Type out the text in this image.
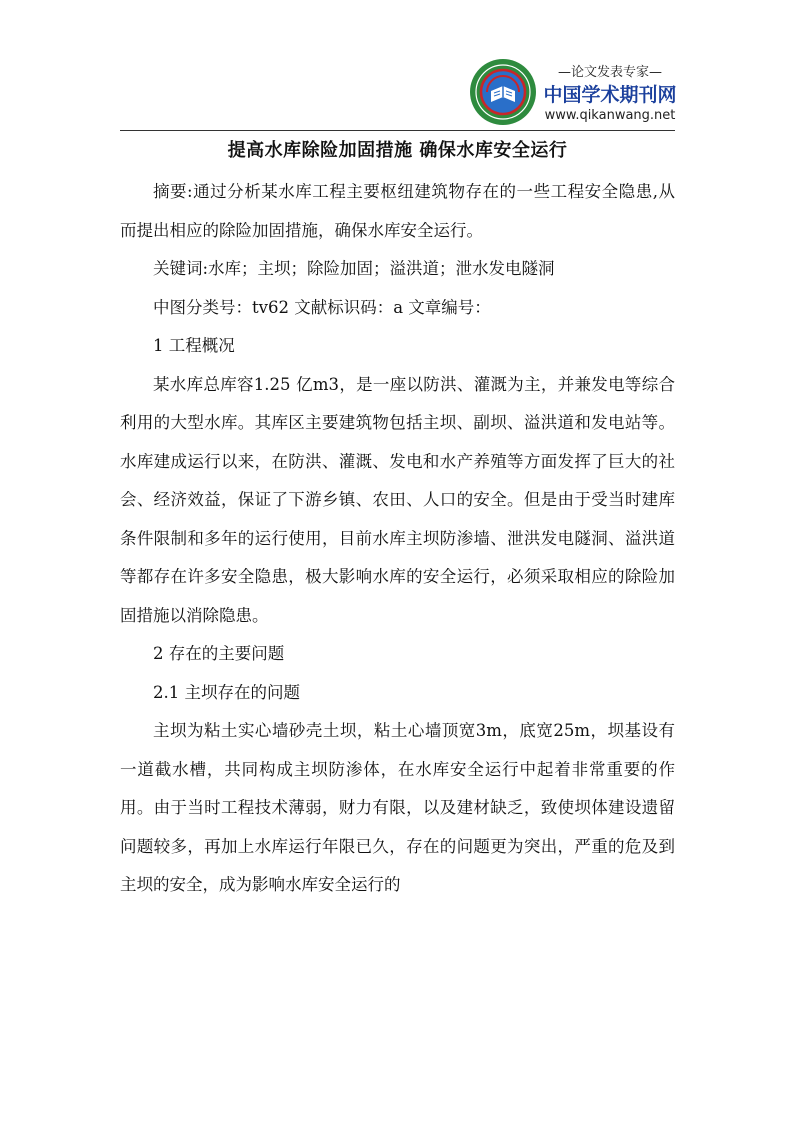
—论文发表专家—
中国学术期刊网
www.qikanwang.net
提高水库除险加固措施 确保水库安全运行

摘要:通过分析某水库工程主要枢纽建筑物存在的一些工程安全隐患,从而提出相应的除险加固措施，确保水库安全运行。

关键词:水库；主坝；除险加固；溢洪道；泄水发电隧洞

中图分类号：tv62 文献标识码：a 文章编号：

1 工程概况

某水库总库容1.25 亿m3，是一座以防洪、灌溉为主，并兼发电等综合利用的大型水库。其库区主要建筑物包括主坝、副坝、溢洪道和发电站等。水库建成运行以来，在防洪、灌溉、发电和水产养殖等方面发挥了巨大的社会、经济效益，保证了下游乡镇、农田、人口的安全。但是由于受当时建库条件限制和多年的运行使用，目前水库主坝防渗墙、泄洪发电隧洞、溢洪道等都存在许多安全隐患，极大影响水库的安全运行，必须采取相应的除险加固措施以消除隐患。

2 存在的主要问题

2.1 主坝存在的问题

主坝为粘土实心墙砂壳土坝，粘土心墙顶宽3m，底宽25m，坝基设有一道截水槽，共同构成主坝防渗体，在水库安全运行中起着非常重要的作用。由于当时工程技术薄弱，财力有限，以及建材缺乏，致使坝体建设遗留问题较多，再加上水库运行年限已久，存在的问题更为突出，严重的危及到主坝的安全，成为影响水库安全运行的
